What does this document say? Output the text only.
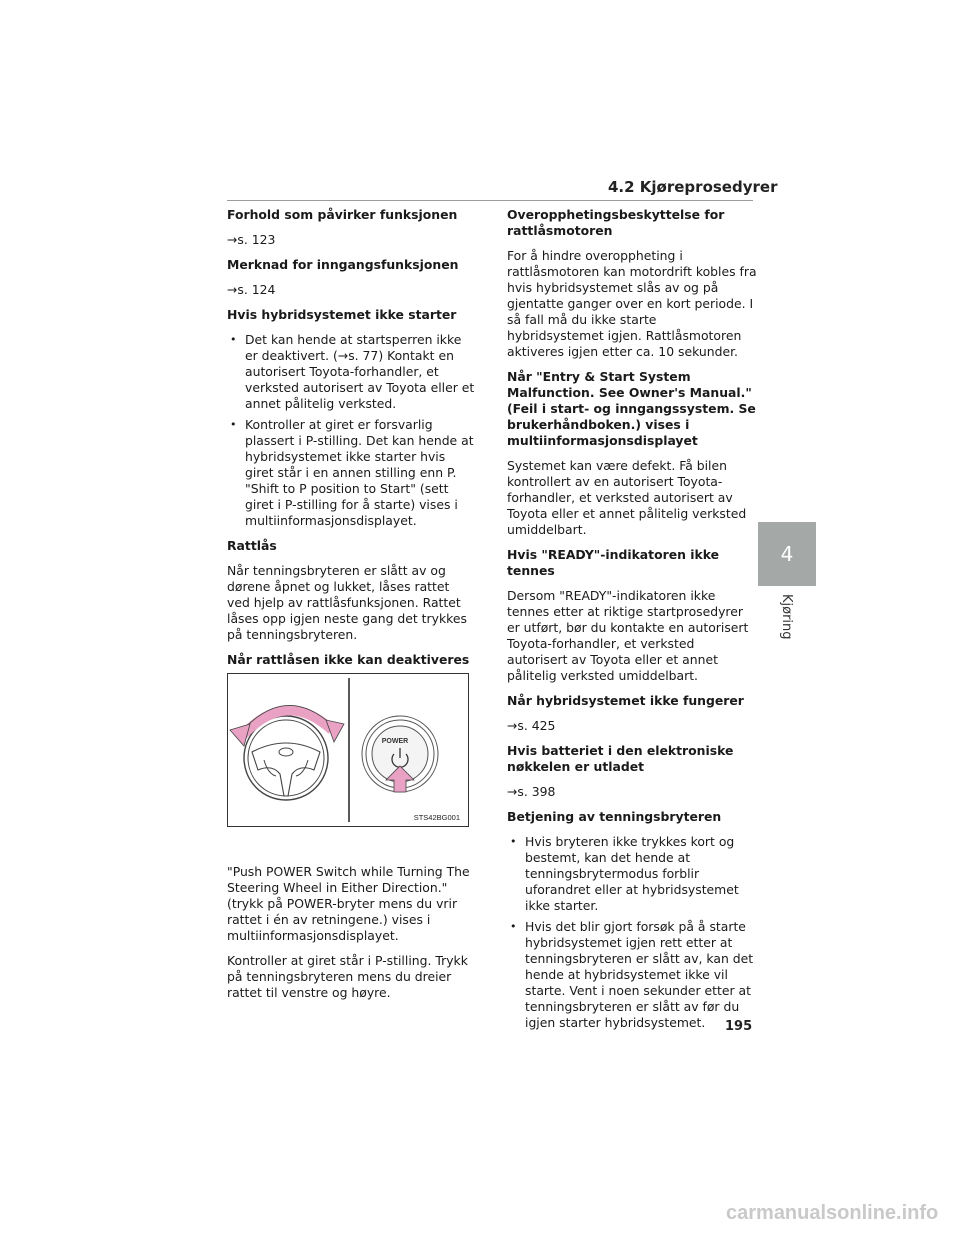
4.2 Kjøreprosedyrer
4
Kjøring
Forhold som påvirker funksjonen
→s. 123
Merknad for inngangsfunksjonen
→s. 124
Hvis hybridsystemet ikke starter
• Det kan hende at startsperren ikke er deaktivert. (→s. 77) Kontakt en autorisert Toyota-forhandler, et verksted autorisert av Toyota eller et annet pålitelig verksted.
• Kontroller at giret er forsvarlig plassert i P-stilling. Det kan hende at hybridsystemet ikke starter hvis giret står i en annen stilling enn P. "Shift to P position to Start" (sett giret i P-stilling for å starte) vises i multiinformasjonsdisplayet.
Rattlås

Når tenningsbryteren er slått av og dørene åpnet og lukket, låses rattet ved hjelp av rattlåsfunksjonen. Rattet låses opp igjen neste gang det trykkes på tenningsbryteren.

Når rattlåsen ikke kan deaktiveres

"Push POWER Switch while Turning The Steering Wheel in Either Direction." (trykk på POWER-bryter mens du vrir rattet i én av retningene.) vises i multiinformasjonsdisplayet.

Kontroller at giret står i P-stilling. Trykk på tenningsbryteren mens du dreier rattet til venstre og høyre.

POWER
STS42BG001
Overopphetingsbeskyttelse for rattlåsmotoren

For å hindre overoppheting i rattlåsmotoren kan motordrift kobles fra hvis hybridsystemet slås av og på gjentatte ganger over en kort periode. I så fall må du ikke starte hybridsystemet igjen. Rattlåsmotoren aktiveres igjen etter ca. 10 sekunder.

Når "Entry & Start System Malfunction. See Owner's Manual." (Feil i start- og inngangssystem. Se brukerhåndboken.) vises i multiinformasjonsdisplayet

Systemet kan være defekt. Få bilen kontrollert av en autorisert Toyota-forhandler, et verksted autorisert av Toyota eller et annet pålitelig verksted umiddelbart.

Hvis "READY"-indikatoren ikke tennes

Dersom "READY"-indikatoren ikke tennes etter at riktige startprosedyrer er utført, bør du kontakte en autorisert Toyota-forhandler, et verksted autorisert av Toyota eller et annet pålitelig verksted umiddelbart.

Når hybridsystemet ikke fungerer
→s. 425
Hvis batteriet i den elektroniske nøkkelen er utladet
→s. 398
Betjening av tenningsbryteren
• Hvis bryteren ikke trykkes kort og bestemt, kan det hende at tenningsbrytermodus forblir uforandret eller at hybridsystemet ikke starter.
• Hvis det blir gjort forsøk på å starte hybridsystemet igjen rett etter at tenningsbryteren er slått av, kan det hende at hybridsystemet ikke vil starte. Vent i noen sekunder etter at tenningsbryteren er slått av før du igjen starter hybridsystemet.	195
carmanualsonline.info
